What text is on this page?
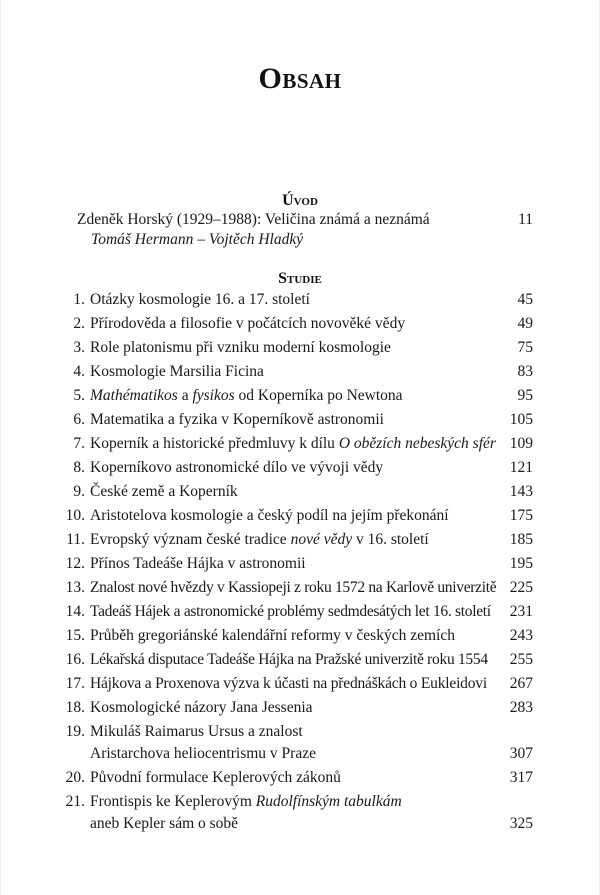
Obsah
Úvod
Zdeněk Horský (1929–1988): Veličina známá a neznámá
Tomáš Hermann – Vojtěch Hladký
11
Studie
1. Otázky kosmologie 16. a 17. století	45
2. Přírodověda a filosofie v počátcích novověké vědy	49
3. Role platonismu při vzniku moderní kosmologie	75
4. Kosmologie Marsilia Ficina	83
5. Mathématikos a fysikos od Koperníka po Newtona	95
6. Matematika a fyzika v Koperníkově astronomii	105
7. Koperník a historické předmluvy k dílu O obězích nebeských sfér 109
8. Koperníkovo astronomické dílo ve vývoji vědy	121
9. České země a Koperník	143
10. Aristotelova kosmologie a český podíl na jejím překonání	175
11. Evropský význam české tradice nové vědy v 16. století	185
12. Přínos Tadeáše Hájka v astronomii	195
13. Znalost nové hvězdy v Kassiopeji z roku 1572 na Karlově univerzitě 225
14. Tadeáš Hájek a astronomické problémy sedmdesátých let 16. století 231
15. Průběh gregoriánské kalendářní reformy v českých zemích	243
16. Lékařská disputace Tadeáše Hájka na Pražské univerzitě roku 1554 255
17. Hájkova a Proxenova výzva k účasti na přednáškách o Eukleidovi 267
18. Kosmologické názory Jana Jessenia	283
19. Mikuláš Raimarus Ursus a znalost
Aristarchova heliocentrismu v Praze	307
20. Původní formulace Keplerových zákonů	317
21. Frontispis ke Keplerovým Rudolfínským tabulkám
aneb Kepler sám o sobě	325
